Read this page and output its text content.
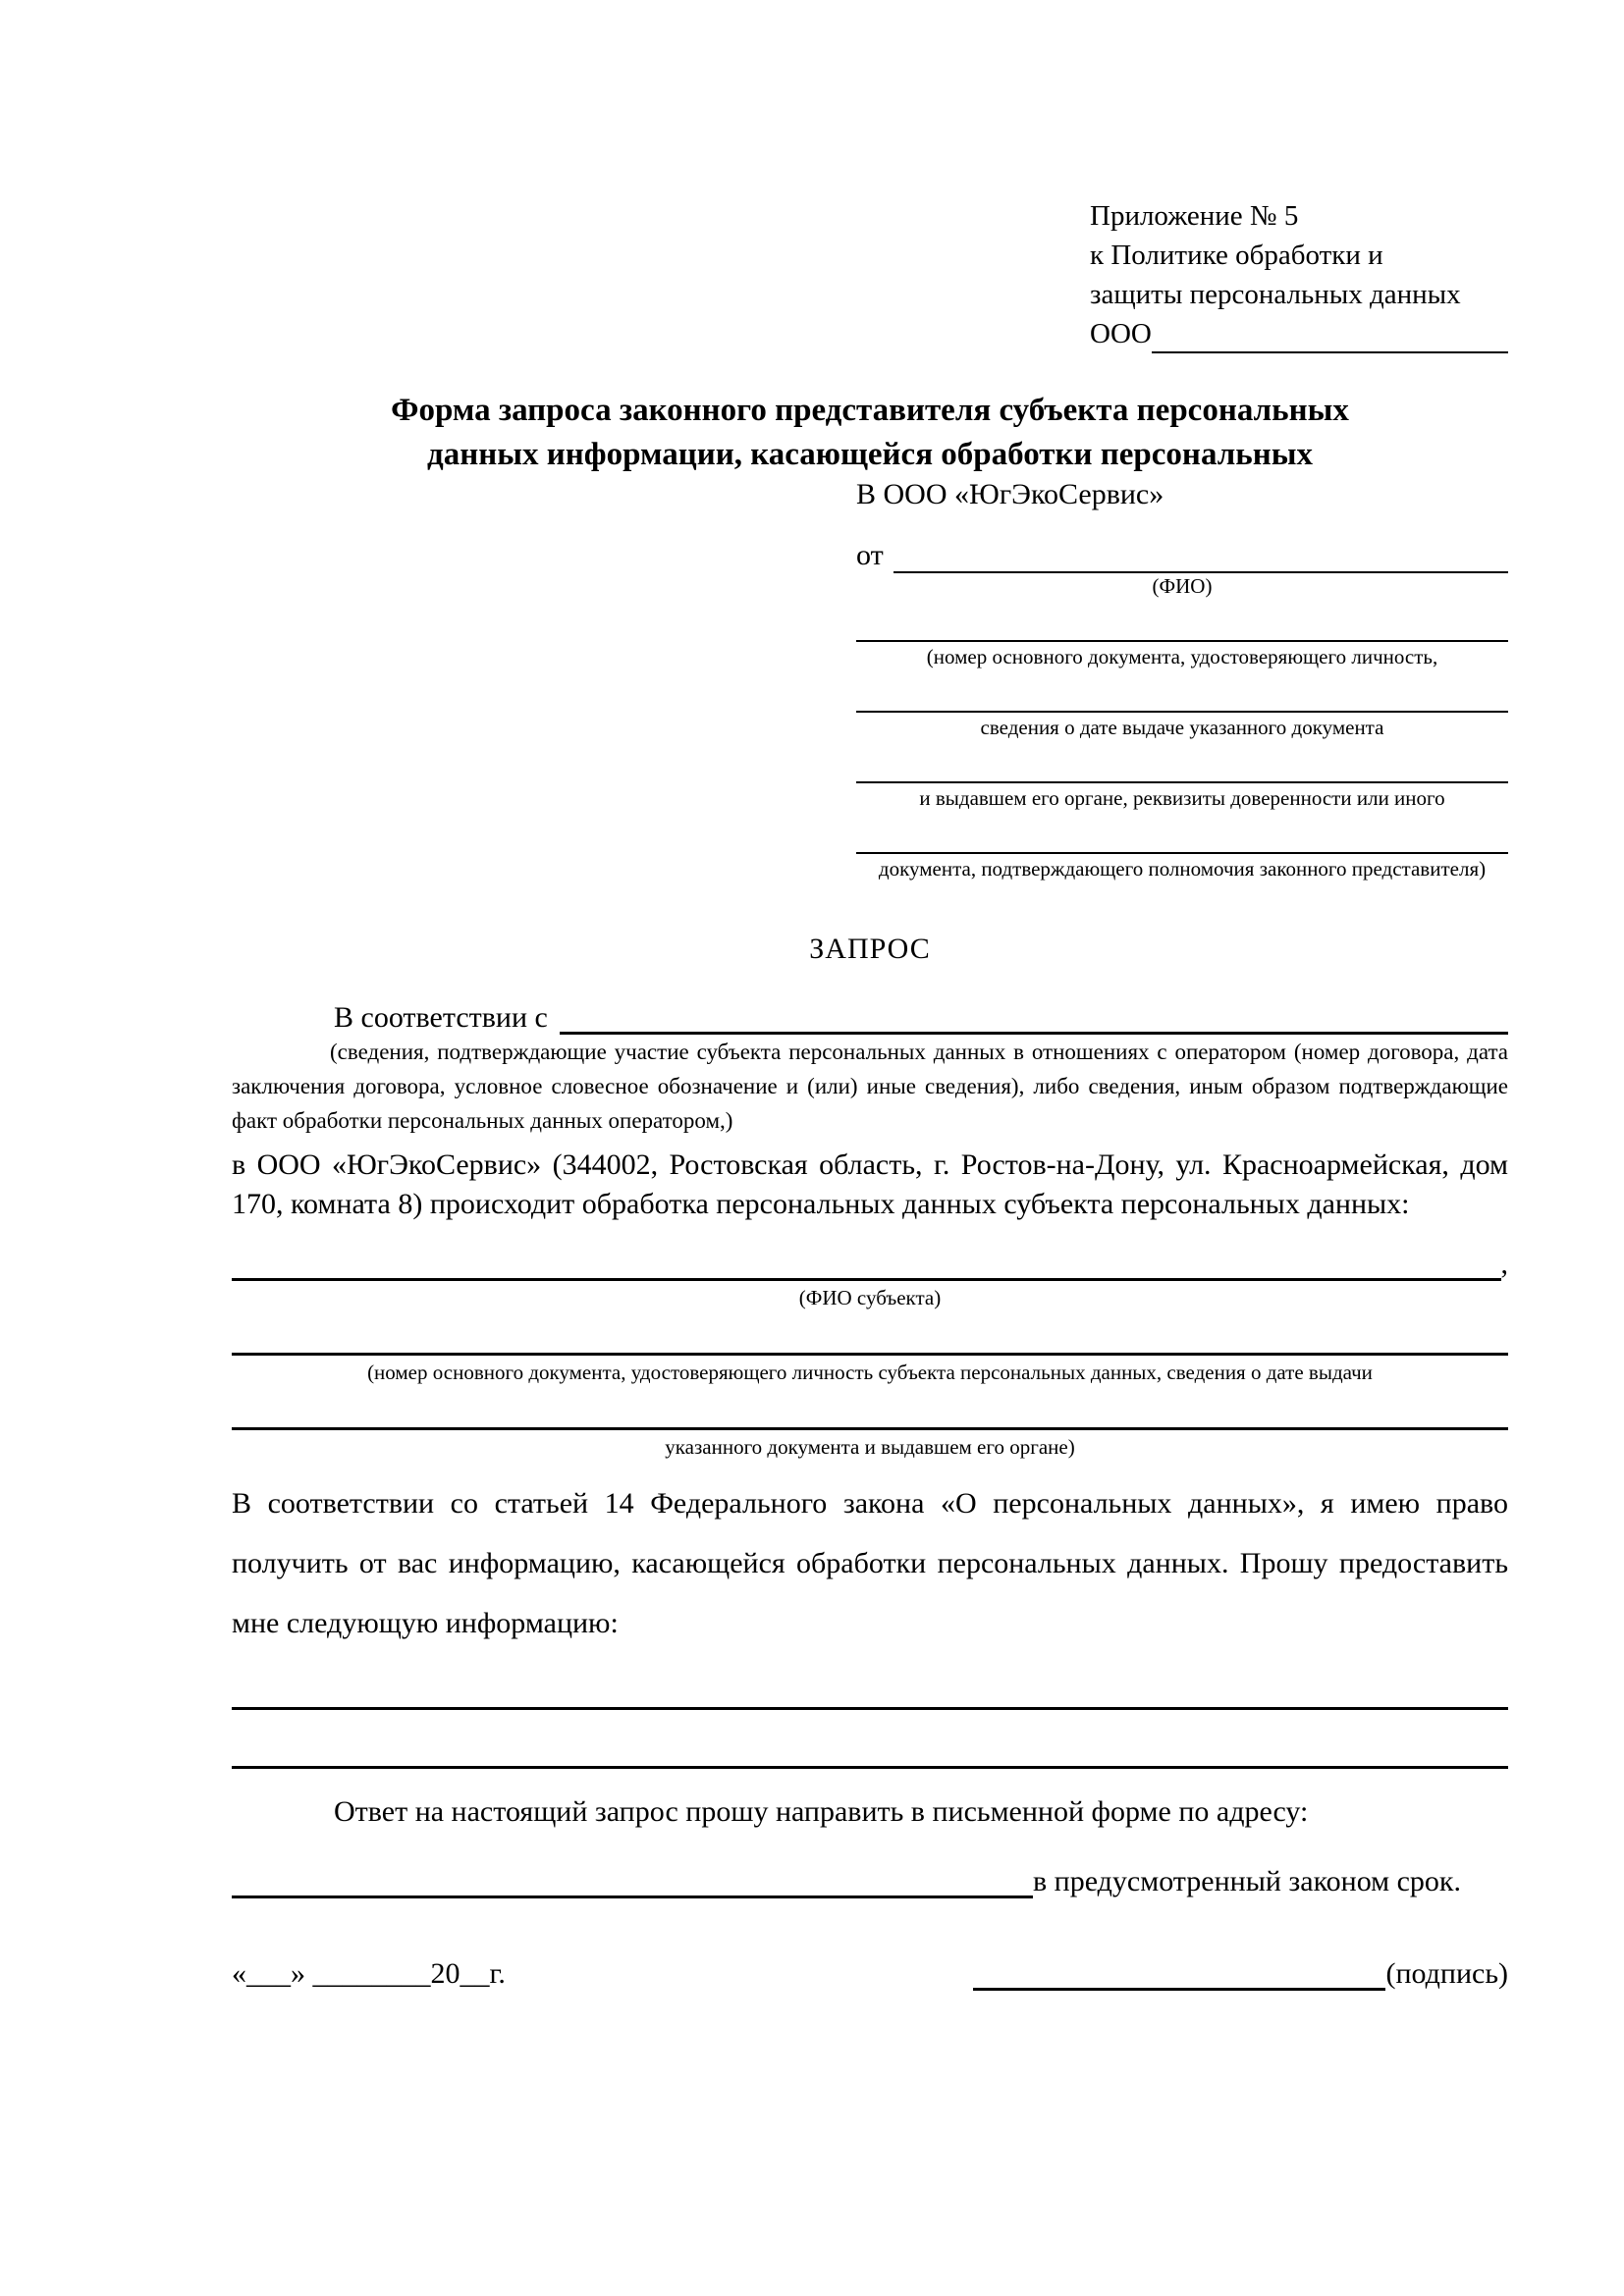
Приложение № 5
к Политике обработки и
защиты персональных данных
ООО
Форма запроса законного представителя субъекта персональных
данных информации, касающейся обработки персональных
В ООО «ЮгЭкоСервис»
от
(ФИО)
(номер основного документа, удостоверяющего личность,
сведения о дате выдаче указанного документа
и выдавшем его органе, реквизиты доверенности или иного
документа, подтверждающего полномочия законного представителя)
ЗАПРОС
В соответствии с
(сведения, подтверждающие участие субъекта персональных данных в отношениях с оператором (номер договора, дата заключения договора, условное словесное обозначение и (или) иные сведения), либо сведения, иным образом подтверждающие факт обработки персональных данных оператором,)
в ООО «ЮгЭкоСервис» (344002, Ростовская область, г. Ростов-на-Дону, ул. Красноармейская, дом 170, комната 8) происходит обработка персональных данных субъекта персональных данных:
,
(ФИО субъекта)
(номер основного документа, удостоверяющего личность субъекта персональных данных, сведения о дате выдачи
указанного документа и выдавшем его органе)
В соответствии со статьей 14 Федерального закона «О персональных данных», я имею право получить от вас информацию, касающейся обработки персональных данных. Прошу предоставить мне следующую информацию:
Ответ на настоящий запрос прошу направить в письменной форме по адресу:
в предусмотренный законом срок.
«___» ________20__г.	(подпись)
